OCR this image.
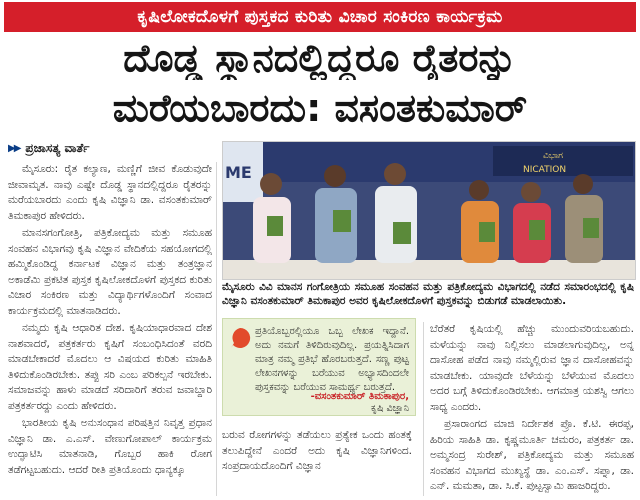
ಕೃಷಿಲೋಕದೊಳಗೆ ಪುಸ್ತಕದ ಕುರಿತು ವಿಚಾರ ಸಂಕಿರಣ ಕಾರ್ಯಕ್ರಮ
ದೊಡ್ಡ ಸ್ಥಾನದಲ್ಲಿದ್ದರೂ ರೈತರನ್ನು
ಮರೆಯಬಾರದು: ವಸಂತಕುಮಾರ್
▶▶ ಪ್ರಜಾಸತ್ಯ ವಾರ್ತೆ

ಮೈಸೂರು: ರೈತ ಕಲ್ಯಾಣ, ಮಣ್ಣಿಗೆ ಜೀವ ಕೊಡುವುದೇ ಜೀವಾಮೃತ. ನಾವು ಎಷ್ಟೇ ದೊಡ್ಡ ಸ್ಥಾನದಲ್ಲಿದ್ದರೂ ರೈತರನ್ನು ಮರೆಯಬಾರದು ಎಂದು ಕೃಷಿ ವಿಜ್ಞಾನಿ ಡಾ. ವಸಂತಕುಮಾರ್ ತಿಮಕಾಪುರ ಹೇಳಿದರು.

ಮಾನಸಗಂಗೋತ್ರಿ, ಪತ್ರಿಕೋದ್ಯಮ ಮತ್ತು ಸಮೂಹ ಸಂವಹನ ವಿಭಾಗವು ಕೃಷಿ ವಿಜ್ಞಾನ ವೇದಿಕೆಯ ಸಹಯೋಗದಲ್ಲಿ ಹಮ್ಮಿಕೊಂಡಿದ್ದ ಕರ್ನಾಟಕ ವಿಜ್ಞಾನ ಮತ್ತು ತಂತ್ರಜ್ಞಾನ ಅಕಾಡೆಮಿ ಪ್ರಕಟಿತ ಪುಸ್ತಕ ಕೃಷಿಲೋಕದೊಳಗೆ ಪುಸ್ತಕದ ಕುರಿತು ವಿಚಾರ ಸಂಕಿರಣ ಮತ್ತು ವಿದ್ಯಾರ್ಥಿಗಳೊಂದಿಗೆ ಸಂವಾದ ಕಾರ್ಯಕ್ರಮದಲ್ಲಿ ಮಾತನಾಡಿದರು.

ನಮ್ಮದು ಕೃಷಿ ಆಧಾರಿತ ದೇಶ. ಕೃಷಿಯಾಧಾರವಾದ ದೇಶ ನಾಶವಾದರೆ, ಪತ್ರಕರ್ತರು ಕೃಷಿಗೆ ಸಂಬಂಧಿಸಿದಂತೆ ವರದಿ ಮಾಡಬೇಕಾದರೆ ಮೊದಲು ಆ ವಿಷಯದ ಕುರಿತು ಮಾಹಿತಿ ತಿಳಿದುಕೊಂಡಿರಬೇಕು. ತಪ್ಪು ಸರಿ ಎಂಬ ಪರಿಕಲ್ಪನೆ ಇರಬೇಕು. ಸಮಾಜವನ್ನು ಹಾಳು ಮಾಡದೆ ಸರಿದಾರಿಗೆ ತರುವ ಜವಾಬ್ದಾರಿ ಪತ್ರಕರ್ತರದ್ದು ಎಂದು ಹೇಳಿದರು.

ಭಾರತೀಯ ಕೃಷಿ ಅನುಸಂಧಾನ ಪರಿಷತ್ತಿನ ನಿವೃತ್ತ ಪ್ರಧಾನ ವಿಜ್ಞಾನಿ ಡಾ. ಎ.ಎಸ್. ವೇಣುಗೋಪಾಲ್ ಕಾರ್ಯಕ್ರಮ ಉದ್ಘಾಟಿಸಿ ಮಾತನಾಡಿ, ಗೊಬ್ಬರ ಹಾಕಿ ರೋಗ ತಡೆಗಟ್ಟಬಹುದು. ಆದರೆ ರೀತಿ ಪ್ರತಿಯೊಂದು ಧಾನ್ಯಕ್ಕೂ

ME
ವಿಭಾಗ
NICATION
ಮೈಸೂರು ವಿವಿ ಮಾನಸ ಗಂಗೋತ್ರಿಯ ಸಮೂಹ ಸಂವಹನ ಮತ್ತು ಪತ್ರಿಕೋದ್ಯಮ ವಿಭಾಗದಲ್ಲಿ ನಡೆದ ಸಮಾರಂಭದಲ್ಲಿ ಕೃಷಿ ವಿಜ್ಞಾನಿ ವಸಂತಕುಮಾರ್ ತಿಮಕಾಪುರ ಅವರ ಕೃಷಿಲೋಕದೊಳಗೆ ಪುಸ್ತಕವನ್ನು ಬಿಡುಗಡೆ ಮಾಡಲಾಯಿತು.
ಪ್ರತಿಯೊಬ್ಬರಲ್ಲಿಯೂ ಒಬ್ಬ ಲೇಖಕ ಇದ್ದಾನೆ. ಅದು ನಮಗೆ ತಿಳಿದಿರುವುದಿಲ್ಲ. ಪ್ರಯತ್ನಿಸಿದಾಗ ಮಾತ್ರ ನಮ್ಮ ಪ್ರತಿಭೆ ಹೊರಬರುತ್ತದೆ. ಸಣ್ಣ ಪುಟ್ಟ ಲೇಖನಗಳನ್ನು ಬರೆಯುವ ಅಭ್ಯಾಸದಿಂದಲೇ ಪುಸ್ತಕವನ್ನು ಬರೆಯುವ ಸಾಮರ್ಥ್ಯ ಬರುತ್ತದೆ.
-ವಸಂತಕುಮಾರ್ ತಿಮಕಾಪುರ,
ಕೃಷಿ ವಿಜ್ಞಾನಿ

ಬರುವ ರೋಗಗಳನ್ನು ತಡೆಯಲು ಪ್ರತ್ಯೇಕ ಒಂದು ಹಂತಕ್ಕೆ ತಲುಪಿದ್ದೇನೆ ಎಂದರೆ ಅದು ಕೃಷಿ ವಿಜ್ಞಾನಿಗಳಿಂದ. ಸಂಪ್ರದಾಯದೊಂದಿಗೆ ವಿಜ್ಞಾನ

ಬೆರೆತರೆ ಕೃಷಿಯಲ್ಲಿ ಹೆಚ್ಚು ಮುಂದುವರಿಯಬಹುದು. ಮಳೆಯನ್ನು ನಾವು ನಿಲ್ಲಿಸಲು ಮಾಡಲಾಗುವುದಿಲ್ಲ, ಅನ್ನ ದಾಸೋಹ ಪಡೆದ ನಾವು ನಮ್ಮಲ್ಲಿರುವ ಜ್ಞಾನ ದಾಸೋಹವನ್ನು ಮಾಡಬೇಕು. ಯಾವುದೇ ಬೆಳೆಯನ್ನು ಬೆಳೆಯುವ ಮೊದಲು ಅದರ ಬಗ್ಗೆ ತಿಳಿದುಕೊಂಡಿರಬೇಕು. ಆಗಮಾತ್ರ ಯಶಸ್ವಿ ಆಗಲು ಸಾಧ್ಯ ಎಂದರು.

ಪ್ರಸಾರಾಂಗದ ಮಾಜಿ ನಿರ್ದೇಶಕ ಪ್ರೊ. ಕೆ.ಟಿ. ಈರಪ್ಪ, ಹಿರಿಯ ಸಾಹಿತಿ ಡಾ. ಕೃಷ್ಣಮೂರ್ತಿ ಚಮರಂ, ಪತ್ರಕರ್ತ ಡಾ. ಅಮ್ಮಸಂದ್ರ ಸುರೇಶ್, ಪತ್ರಿಕೋದ್ಯಮ ಮತ್ತು ಸಮೂಹ ಸಂವಹನ ವಿಭಾಗದ ಮುಖ್ಯಸ್ಥೆ ಡಾ. ಎಂ.ಎಸ್. ಸಪ್ನಾ, ಡಾ. ಎನ್. ಮಮತಾ, ಡಾ. ಸಿ.ಕೆ. ಪುಟ್ಟಸ್ವಾಮಿ ಹಾಜರಿದ್ದರು.
